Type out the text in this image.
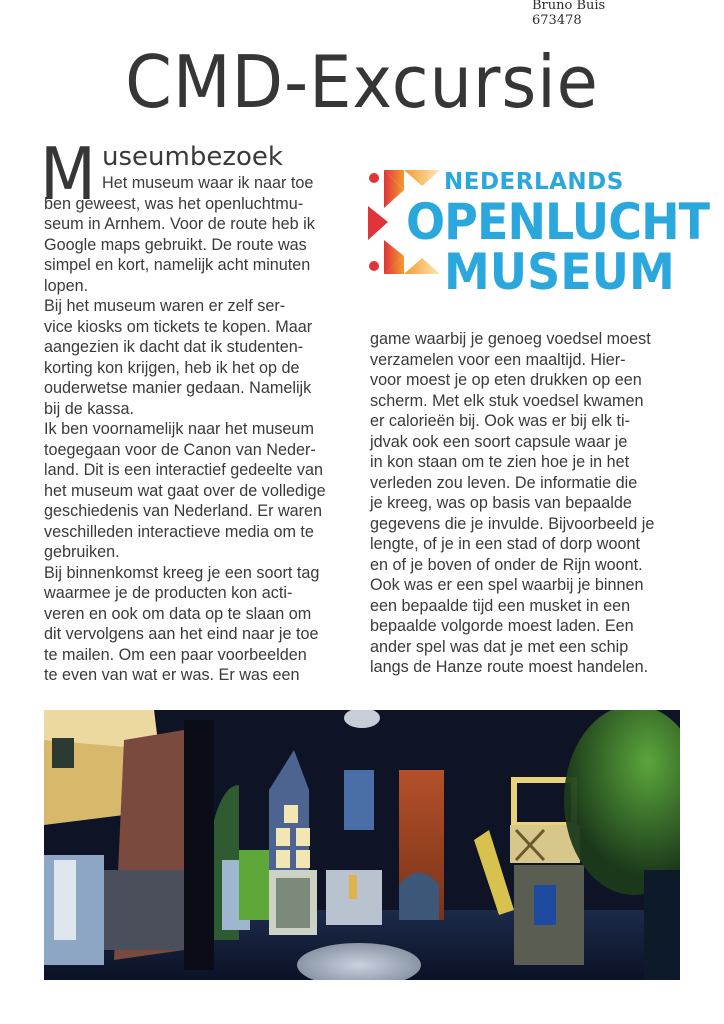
Bruno Buis
673478
CMD-Excursie
M useumbezoek
Het museum waar ik naar toe
ben geweest, was het openluchtmu-
seum in Arnhem. Voor de route heb ik
Google maps gebruikt. De route was
simpel en kort, namelijk acht minuten
lopen.
Bij het museum waren er zelf ser-
vice kiosks om tickets te kopen. Maar
aangezien ik dacht dat ik studenten-
korting kon krijgen, heb ik het op de
ouderwetse manier gedaan. Namelijk
bij de kassa.
Ik ben voornamelijk naar het museum
toegegaan voor de Canon van Neder-
land. Dit is een interactief gedeelte van
het museum wat gaat over de volledige
geschiedenis van Nederland. Er waren
veschilleden interactieve media om te
gebruiken.
Bij binnenkomst kreeg je een soort tag
waarmee je de producten kon acti-
veren en ook om data op te slaan om
dit vervolgens aan het eind naar je toe
te mailen. Om een paar voorbeelden
te even van wat er was. Er was een
NEDERLANDS
OPENLUCHT
MUSEUM
game waarbij je genoeg voedsel moest
verzamelen voor een maaltijd. Hier-
voor moest je op eten drukken op een
scherm. Met elk stuk voedsel kwamen
er calorieën bij. Ook was er bij elk ti-
jdvak ook een soort capsule waar je
in kon staan om te zien hoe je in het
verleden zou leven. De informatie die
je kreeg, was op basis van bepaalde
gegevens die je invulde. Bijvoorbeeld je
lengte, of je in een stad of dorp woont
en of je boven of onder de Rijn woont.
Ook was er een spel waarbij je binnen
een bepaalde tijd een musket in een
bepaalde volgorde moest laden. Een
ander spel was dat je met een schip
langs de Hanze route moest handelen.
